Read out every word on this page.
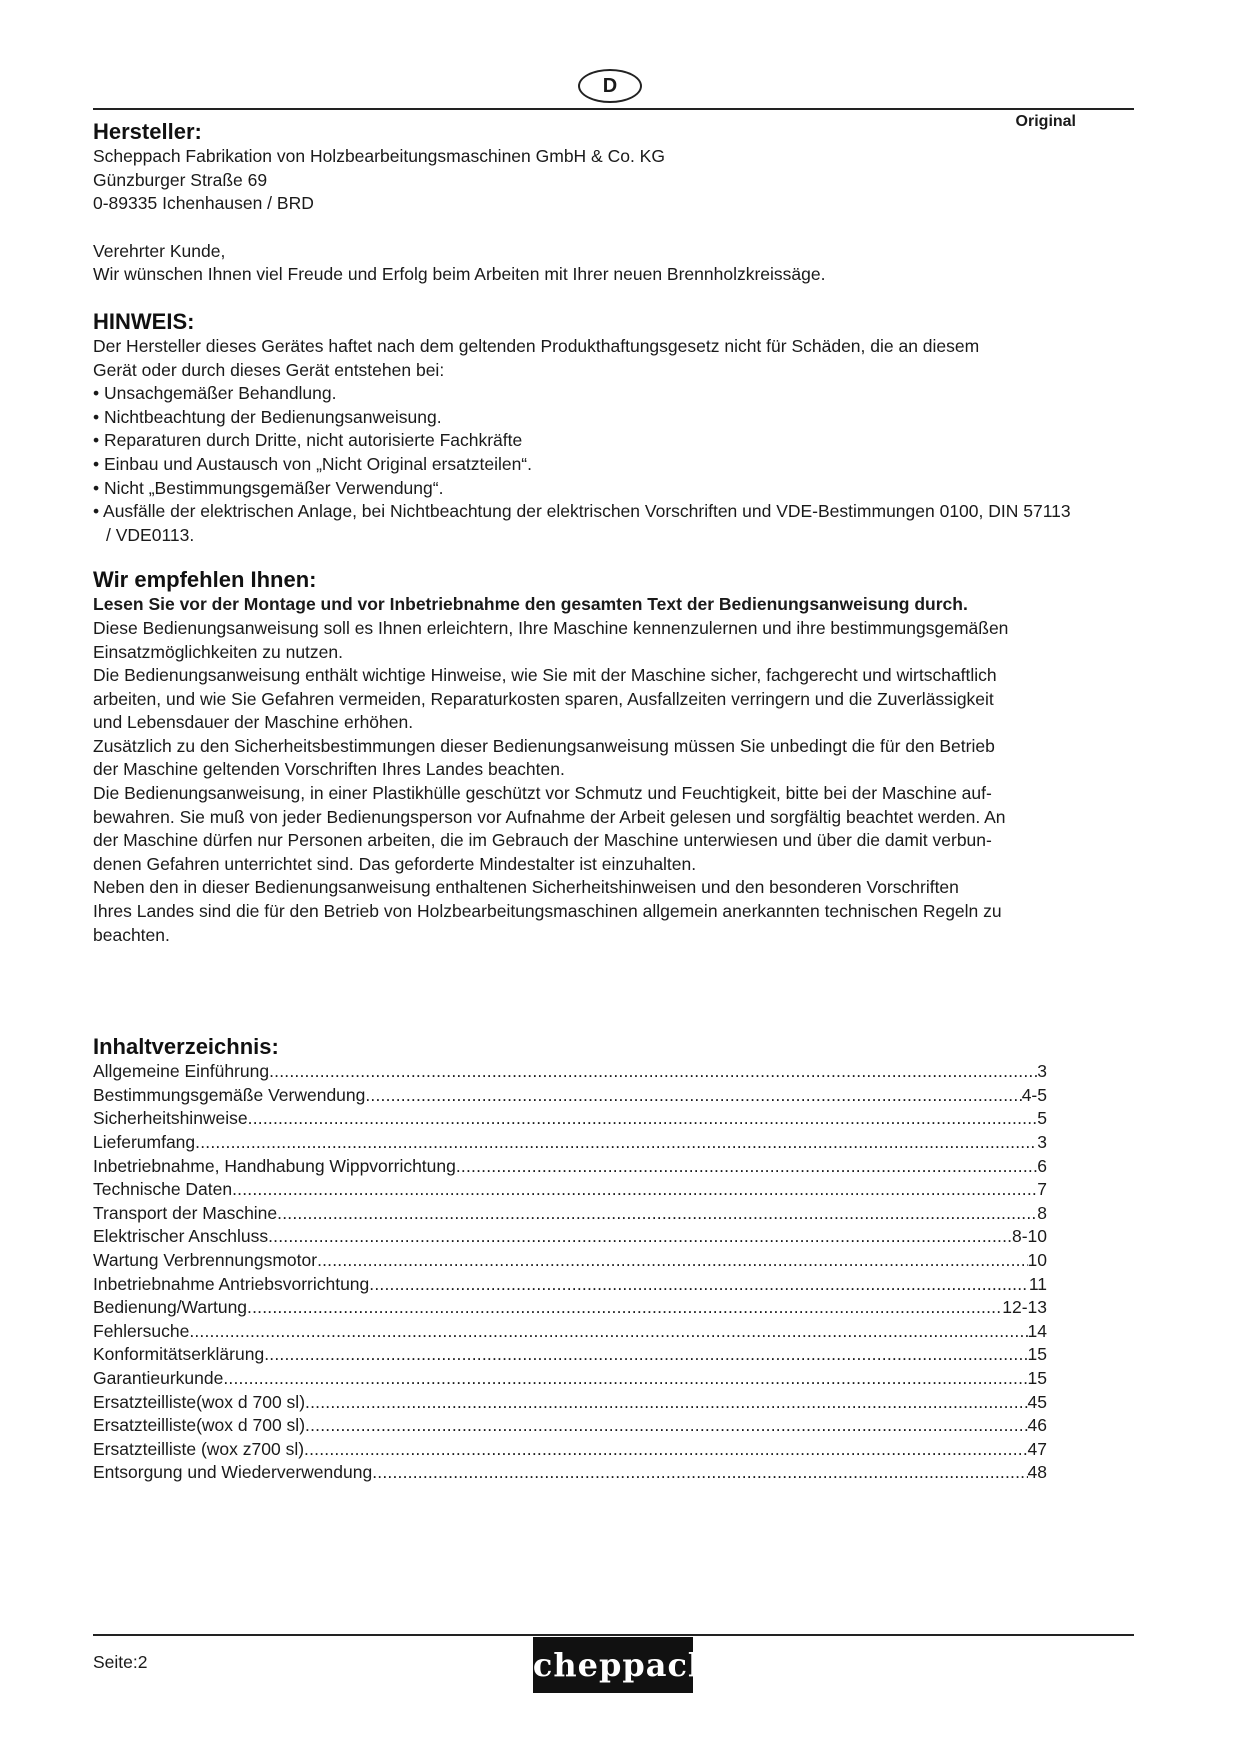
D
Original
Hersteller:

Scheppach Fabrikation von Holzbearbeitungsmaschinen GmbH & Co. KG

Günzburger Straße 69

0-89335 Ichenhausen / BRD

Verehrter Kunde,

Wir wünschen Ihnen viel Freude und Erfolg beim Arbeiten mit Ihrer neuen Brennholzkreissäge.

HINWEIS:

Der Hersteller dieses Gerätes haftet nach dem geltenden Produkthaftungsgesetz nicht für Schäden, die an diesem

Gerät oder durch dieses Gerät entstehen bei:

• Unsachgemäßer Behandlung.
• Nichtbeachtung der Bedienungsanweisung.
• Reparaturen durch Dritte, nicht autorisierte Fachkräfte
• Einbau und Austausch von „Nicht Original ersatzteilen“.
• Nicht „Bestimmungsgemäßer Verwendung“.
• Ausfälle der elektrischen Anlage, bei Nichtbeachtung der elektrischen Vorschriften und VDE-Bestimmungen 0100, DIN 57113 / VDE0113.
Wir empfehlen Ihnen:

Lesen Sie vor der Montage und vor Inbetriebnahme den gesamten Text der Bedienungsanweisung durch.

Diese Bedienungsanweisung soll es Ihnen erleichtern, Ihre Maschine kennenzulernen und ihre bestimmungsgemäßen

Einsatzmöglichkeiten zu nutzen.

Die Bedienungsanweisung enthält wichtige Hinweise, wie Sie mit der Maschine sicher, fachgerecht und wirtschaftlich

arbeiten, und wie Sie Gefahren vermeiden, Reparaturkosten sparen, Ausfallzeiten verringern und die Zuverlässigkeit

und Lebensdauer der Maschine erhöhen.

Zusätzlich zu den Sicherheitsbestimmungen dieser Bedienungsanweisung müssen Sie unbedingt die für den Betrieb

der Maschine geltenden Vorschriften Ihres Landes beachten.

Die Bedienungsanweisung, in einer Plastikhülle geschützt vor Schmutz und Feuchtigkeit, bitte bei der Maschine auf-

bewahren. Sie muß von jeder Bedienungsperson vor Aufnahme der Arbeit gelesen und sorgfältig beachtet werden. An

der Maschine dürfen nur Personen arbeiten, die im Gebrauch der Maschine unterwiesen und über die damit verbun-

denen Gefahren unterrichtet sind. Das geforderte Mindestalter ist einzuhalten.

Neben den in dieser Bedienungsanweisung enthaltenen Sicherheitshinweisen und den besonderen Vorschriften

Ihres Landes sind die für den Betrieb von Holzbearbeitungsmaschinen allgemein anerkannten technischen Regeln zu

beachten.

Inhaltverzeichnis:
Allgemeine Einführung .....	3
Bestimmungsgemäße Verwendung .....	4-5
Sicherheitshinweise .....	5
Lieferumfang .....	3
Inbetriebnahme, Handhabung Wippvorrichtung .....	6
Technische Daten .....	7
Transport der Maschine .....	8
Elektrischer Anschluss .....	8-10
Wartung Verbrennungsmotor .....	10
Inbetriebnahme Antriebsvorrichtung .....	11
Bedienung/Wartung .....	12-13
Fehlersuche .....	14
Konformitätserklärung .....	15
Garantieurkunde .....	15
Ersatzteilliste(wox d 700 sl) .....	45
Ersatzteilliste(wox d 700 sl) .....	46
Ersatzteilliste (wox z700 sl) .....	47
Entsorgung und Wiederverwendung .....	48
Seite:2	scheppach
